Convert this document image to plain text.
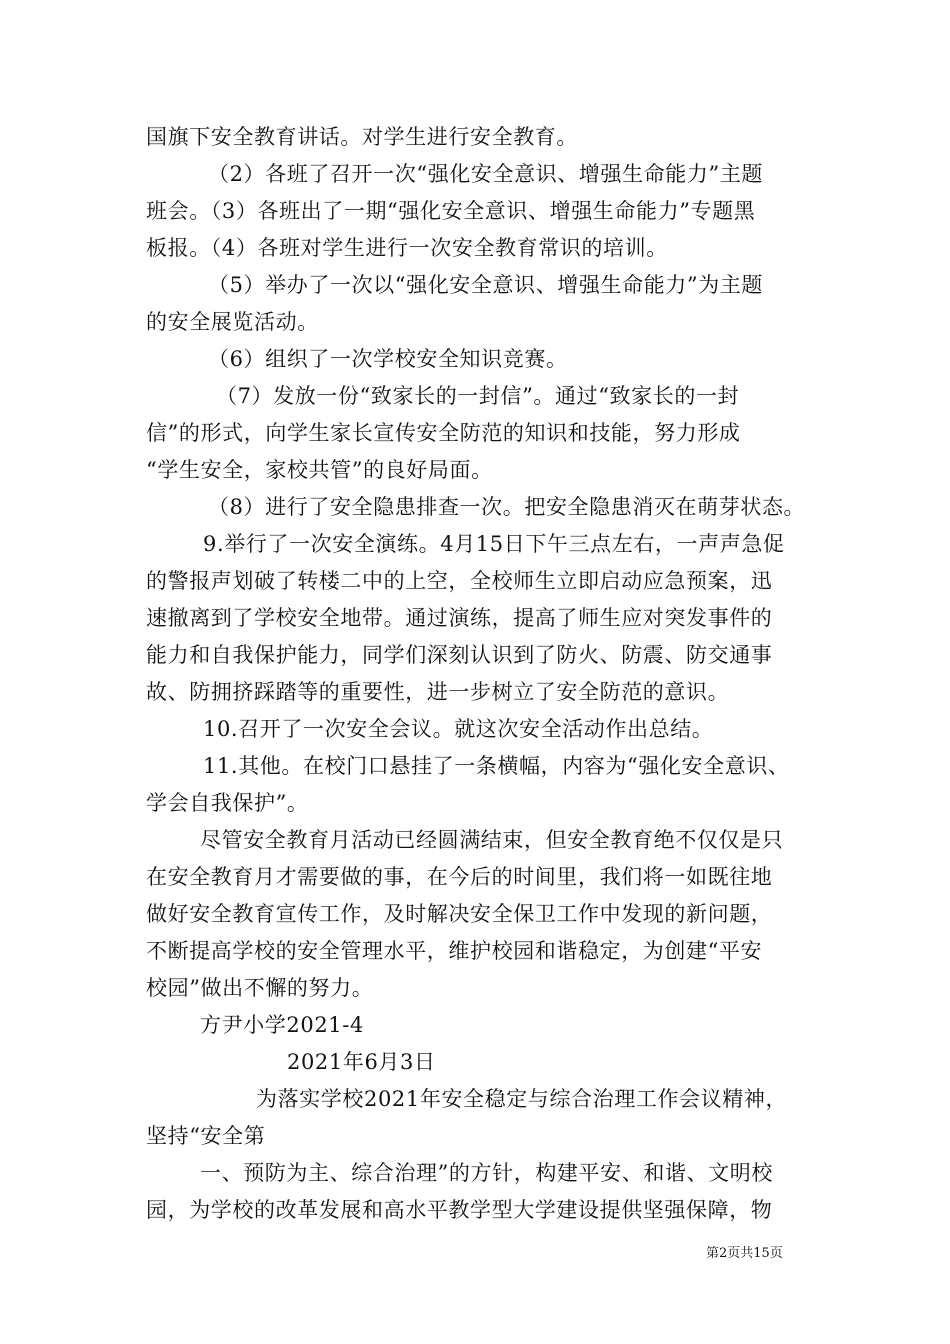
国旗下安全教育讲话。对学生进行安全教育。
（2）各班了召开一次“强化安全意识、增强生命能力”主题
班会。（3）各班出了一期“强化安全意识、增强生命能力”专题黑
板报。（4）各班对学生进行一次安全教育常识的培训。
（5）举办了一次以“强化安全意识、增强生命能力”为主题
的安全展览活动。
（6）组织了一次学校安全知识竞赛。
（7）发放一份“致家长的一封信”。通过“致家长的一封
信”的形式，向学生家长宣传安全防范的知识和技能，努力形成
“学生安全，家校共管”的良好局面。
（8）进行了安全隐患排查一次。把安全隐患消灭在萌芽状态。
9.举行了一次安全演练。4月15日下午三点左右，一声声急促
的警报声划破了转楼二中的上空，全校师生立即启动应急预案，迅
速撤离到了学校安全地带。通过演练，提高了师生应对突发事件的
能力和自我保护能力，同学们深刻认识到了防火、防震、防交通事
故、防拥挤踩踏等的重要性，进一步树立了安全防范的意识。
10.召开了一次安全会议。就这次安全活动作出总结。
11.其他。在校门口悬挂了一条横幅，内容为“强化安全意识、
学会自我保护”。
尽管安全教育月活动已经圆满结束，但安全教育绝不仅仅是只
在安全教育月才需要做的事，在今后的时间里，我们将一如既往地
做好安全教育宣传工作，及时解决安全保卫工作中发现的新问题，
不断提高学校的安全管理水平，维护校园和谐稳定，为创建“平安
校园”做出不懈的努力。
方尹小学2021-4
2021年6月3日
为落实学校2021年安全稳定与综合治理工作会议精神，
坚持“安全第
一、预防为主、综合治理”的方针，构建平安、和谐、文明校
园，为学校的改革发展和高水平教学型大学建设提供坚强保障，物
第2页共15页
